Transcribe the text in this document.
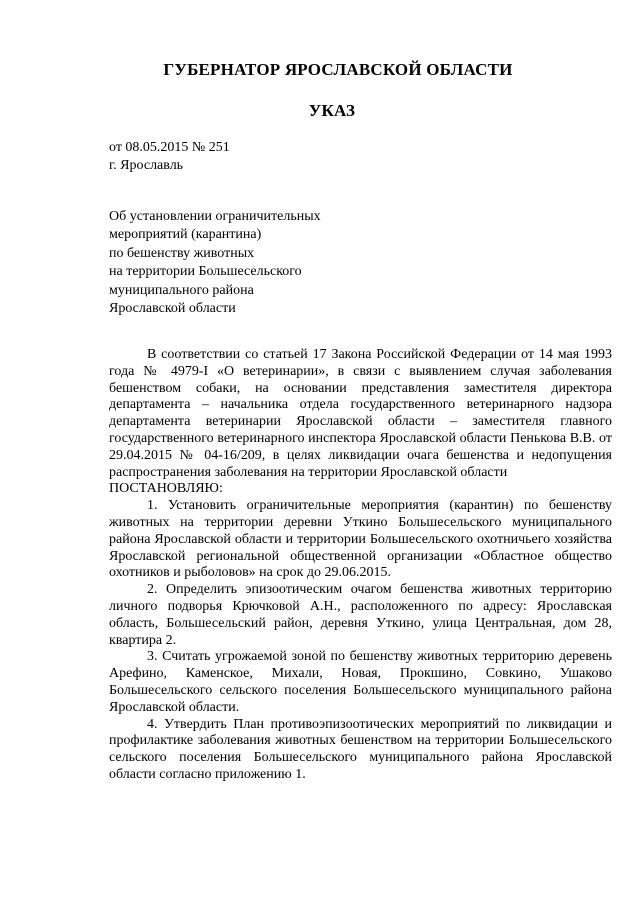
ГУБЕРНАТОР ЯРОСЛАВСКОЙ ОБЛАСТИ
УКАЗ
от 08.05.2015 № 251
г. Ярославль
Об установлении ограничительных
мероприятий (карантина)
по бешенству животных
на территории Большесельского
муниципального района
Ярославской области

В соответствии со статьей 17 Закона Российской Федерации от 14 мая 1993 года № 4979-I «О ветеринарии», в связи с выявлением случая заболевания бешенством собаки, на основании представления заместителя директора департамента – начальника отдела государственного ветеринарного надзора департамента ветеринарии Ярославской области – заместителя главного государственного ветеринарного инспектора Ярославской области Пенькова В.В. от 29.04.2015 № 04-16/209, в целях ликвидации очага бешенства и недопущения распространения заболевания на территории Ярославской области

ПОСТАНОВЛЯЮ:

1. Установить ограничительные мероприятия (карантин) по бешенству животных на территории деревни Уткино Большесельского муниципального района Ярославской области и территории Большесельского охотничьего хозяйства Ярославской региональной общественной организации «Областное общество охотников и рыболовов» на срок до 29.06.2015.

2. Определить эпизоотическим очагом бешенства животных территорию личного подворья Крючковой А.Н., расположенного по адресу: Ярославская область, Большесельский район, деревня Уткино, улица Центральная, дом 28, квартира 2.

3. Считать угрожаемой зоной по бешенству животных территорию деревень Арефино, Каменское, Михали, Новая, Прокшино, Совкино, Ушаково Большесельского сельского поселения Большесельского муниципального района Ярославской области.

4. Утвердить План противоэпизоотических мероприятий по ликвидации и профилактике заболевания животных бешенством на территории Большесельского сельского поселения Большесельского муниципального района Ярославской области согласно приложению 1.
